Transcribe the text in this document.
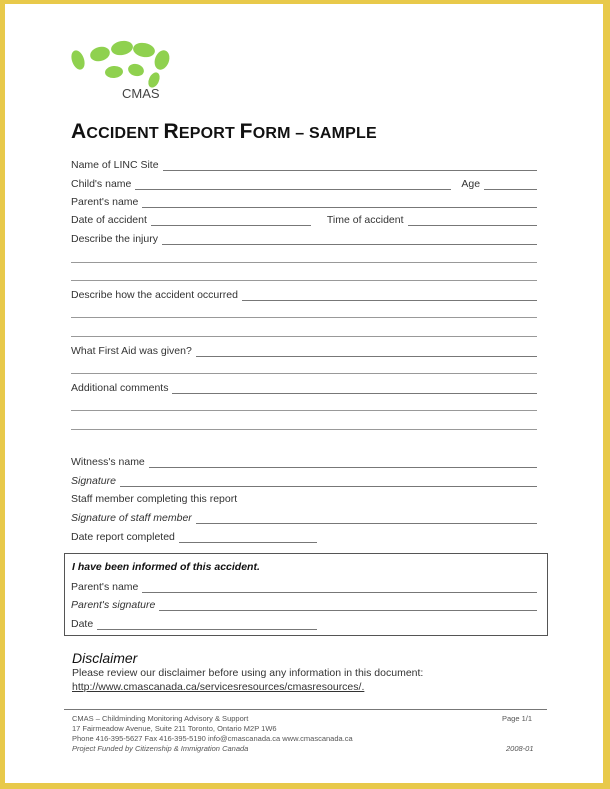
CMAS
ACCIDENT REPORT FORM – SAMPLE
Name of LINC Site
Child's name	Age
Parent's name
Date of accident	Time of accident
Describe the injury
Describe how the accident occurred
What First Aid was given?
Additional comments
Witness's name
Signature
Staff member completing this report
Signature of staff member
Date report completed
I have been informed of this accident.
Parent's name
Parent's signature
Date
Disclaimer
Please review our disclaimer before using any information in this document:
http://www.cmascanada.ca/servicesresources/cmasresources/.
CMAS – Childminding Monitoring Advisory & Support
17 Fairmeadow Avenue, Suite 211 Toronto, Ontario M2P 1W6
Phone 416-395-5627 Fax 416-395-5190 info@cmascanada.ca www.cmascanada.ca
Project Funded by Citizenship & Immigration Canada
Page 1/1
2008-01
